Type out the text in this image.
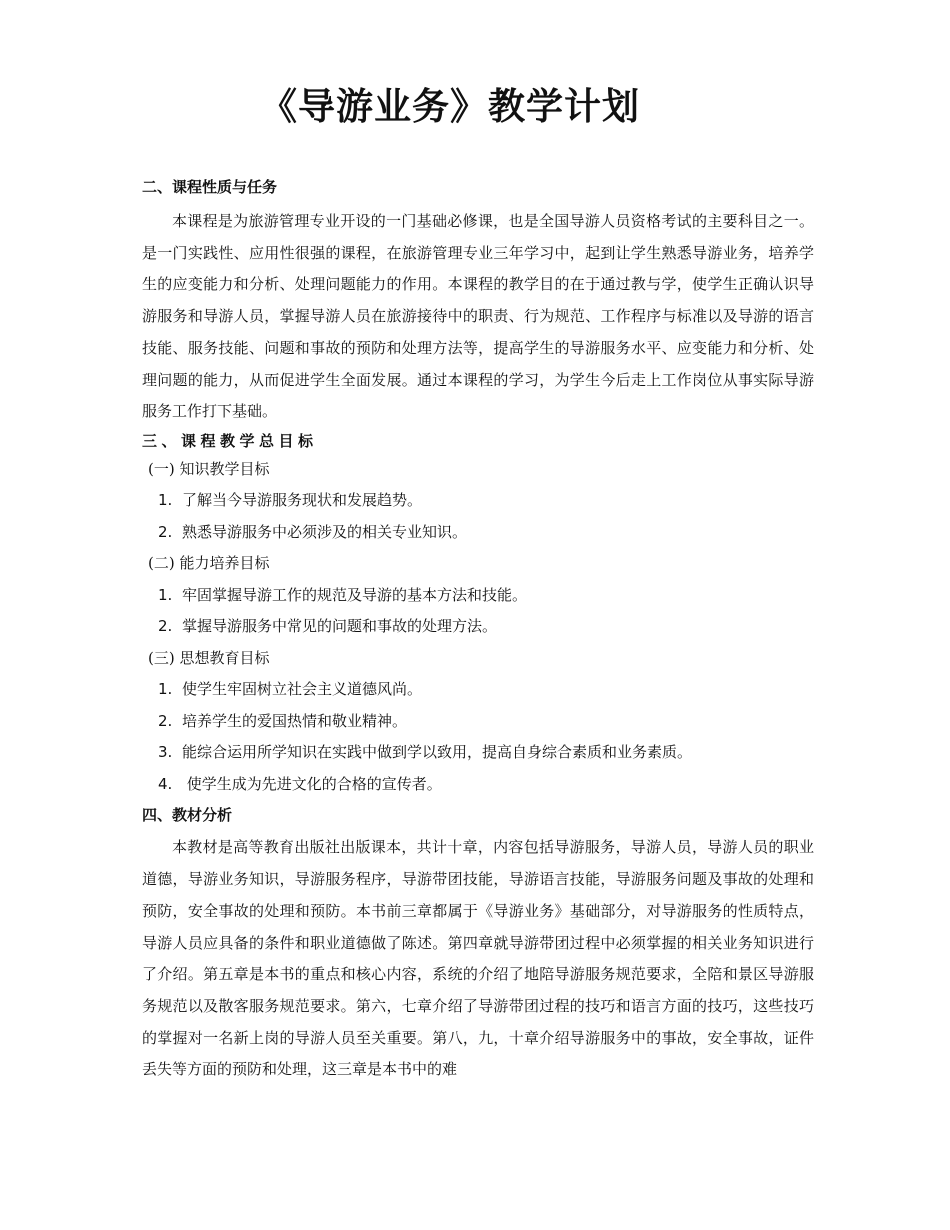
《导游业务》教学计划
二、课程性质与任务
本课程是为旅游管理专业开设的一门基础必修课，也是全国导游人员资格考试的主要科目之一。是一门实践性、应用性很强的课程，在旅游管理专业三年学习中，起到让学生熟悉导游业务，培养学生的应变能力和分析、处理问题能力的作用。本课程的教学目的在于通过教与学，使学生正确认识导游服务和导游人员，掌握导游人员在旅游接待中的职责、行为规范、工作程序与标准以及导游的语言技能、服务技能、问题和事故的预防和处理方法等，提高学生的导游服务水平、应变能力和分析、处理问题的能力，从而促进学生全面发展。通过本课程的学习，为学生今后走上工作岗位从事实际导游服务工作打下基础。
三、课程教学总目标
(一) 知识教学目标
1. 了解当今导游服务现状和发展趋势。
2. 熟悉导游服务中必须涉及的相关专业知识。
(二) 能力培养目标
1. 牢固掌握导游工作的规范及导游的基本方法和技能。
2. 掌握导游服务中常见的问题和事故的处理方法。
(三) 思想教育目标
1. 使学生牢固树立社会主义道德风尚。
2. 培养学生的爱国热情和敬业精神。
3. 能综合运用所学知识在实践中做到学以致用，提高自身综合素质和业务素质。
4. 使学生成为先进文化的合格的宣传者。
四、教材分析
本教材是高等教育出版社出版课本，共计十章，内容包括导游服务，导游人员，导游人员的职业道德，导游业务知识，导游服务程序，导游带团技能，导游语言技能，导游服务问题及事故的处理和预防，安全事故的处理和预防。本书前三章都属于《导游业务》基础部分，对导游服务的性质特点，导游人员应具备的条件和职业道德做了陈述。第四章就导游带团过程中必须掌握的相关业务知识进行了介绍。第五章是本书的重点和核心内容，系统的介绍了地陪导游服务规范要求，全陪和景区导游服务规范以及散客服务规范要求。第六，七章介绍了导游带团过程的技巧和语言方面的技巧，这些技巧的掌握对一名新上岗的导游人员至关重要。第八，九，十章介绍导游服务中的事故，安全事故，证件丢失等方面的预防和处理，这三章是本书中的难
